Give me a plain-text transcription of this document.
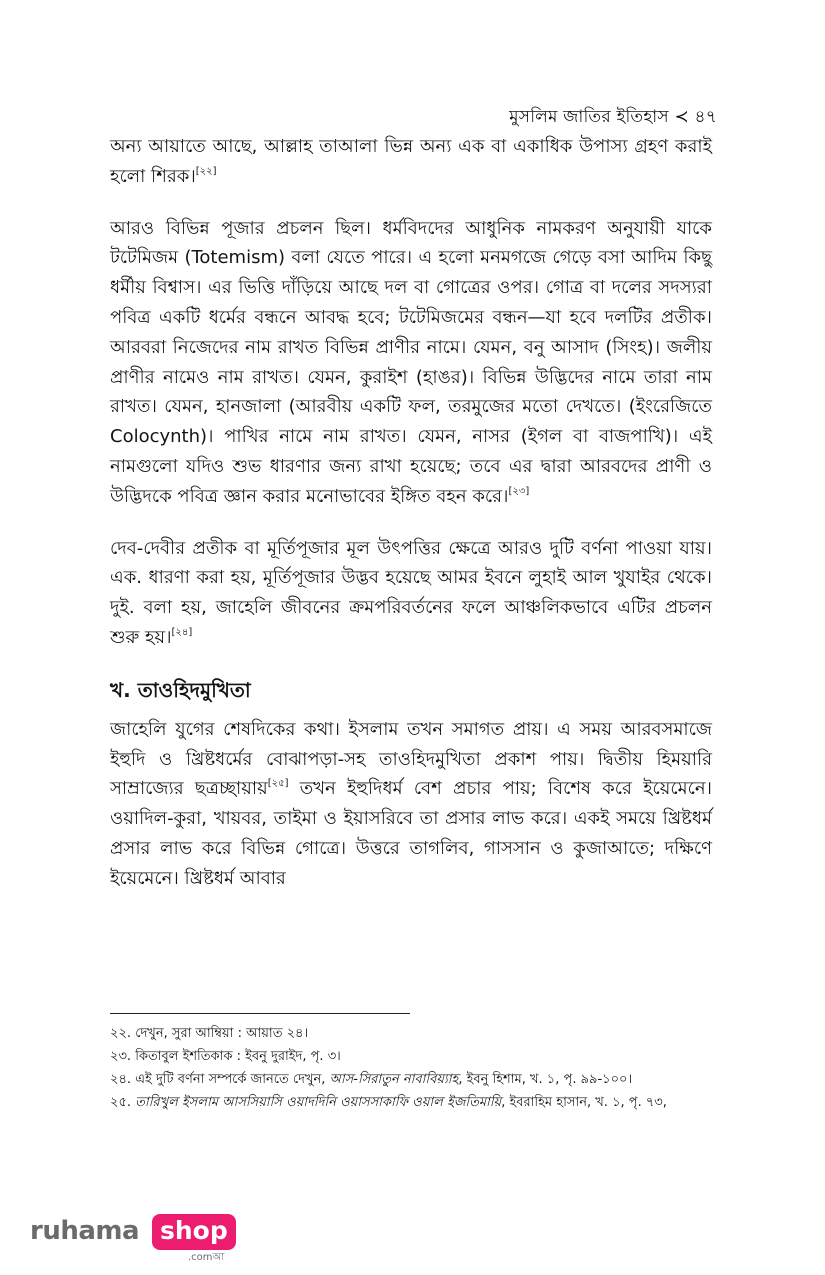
মুসলিম জাতির ইতিহাস ≺ ৪৭

অন্য আয়াতে আছে, আল্লাহ তাআলা ভিন্ন অন্য এক বা একাধিক উপাস্য গ্রহণ করাই হলো শিরক।[২২]

আরও বিভিন্ন পূজার প্রচলন ছিল। ধর্মবিদদের আধুনিক নামকরণ অনুযায়ী যাকে টটেমিজম (Totemism) বলা যেতে পারে। এ হলো মনমগজে গেড়ে বসা আদিম কিছু ধর্মীয় বিশ্বাস। এর ভিত্তি দাঁড়িয়ে আছে দল বা গোত্রের ওপর। গোত্র বা দলের সদস্যরা পবিত্র একটি ধর্মের বন্ধনে আবদ্ধ হবে; টটেমিজমের বন্ধন—যা হবে দলটির প্রতীক। আরবরা নিজেদের নাম রাখত বিভিন্ন প্রাণীর নামে। যেমন, বনু আসাদ (সিংহ)। জলীয় প্রাণীর নামেও নাম রাখত। যেমন, কুরাইশ (হাঙর)। বিভিন্ন উদ্ভিদের নামে তারা নাম রাখত। যেমন, হানজালা (আরবীয় একটি ফল, তরমুজের মতো দেখতে। (ইংরেজিতে Colocynth)। পাখির নামে নাম রাখত। যেমন, নাসর (ইগল বা বাজপাখি)। এই নামগুলো যদিও শুভ ধারণার জন্য রাখা হয়েছে; তবে এর দ্বারা আরবদের প্রাণী ও উদ্ভিদকে পবিত্র জ্ঞান করার মনোভাবের ইঙ্গিত বহন করে।[২৩]

দেব-দেবীর প্রতীক বা মূর্তিপূজার মূল উৎপত্তির ক্ষেত্রে আরও দুটি বর্ণনা পাওয়া যায়। এক. ধারণা করা হয়, মূর্তিপূজার উদ্ভব হয়েছে আমর ইবনে লুহাই আল খুযাইর থেকে। দুই. বলা হয়, জাহেলি জীবনের ক্রমপরিবর্তনের ফলে আঞ্চলিকভাবে এটির প্রচলন শুরু হয়।[২৪]

খ. তাওহিদমুখিতা

জাহেলি যুগের শেষদিকের কথা। ইসলাম তখন সমাগত প্রায়। এ সময় আরবসমাজে ইহুদি ও খ্রিষ্টধর্মের বোঝাপড়া-সহ তাওহিদমুখিতা প্রকাশ পায়। দ্বিতীয় হিময়ারি সাম্রাজ্যের ছত্রচ্ছায়ায়[২৫] তখন ইহুদিধর্ম বেশ প্রচার পায়; বিশেষ করে ইয়েমেনে। ওয়াদিল-কুরা, খায়বর, তাইমা ও ইয়াসরিবে তা প্রসার লাভ করে। একই সময়ে খ্রিষ্টধর্ম প্রসার লাভ করে বিভিন্ন গোত্রে। উত্তরে তাগলিব, গাসসান ও কুজাআতে; দক্ষিণে ইয়েমেনে। খ্রিষ্টধর্ম আবার

২২. দেখুন, সুরা আম্বিয়া : আয়াত ২৪।

২৩. কিতাবুল ইশতিকাক : ইবনু দুরাইদ, পৃ. ৩।

২৪. এই দুটি বর্ণনা সম্পর্কে জানতে দেখুন, আস-সিরাতুন নাবাবিয়্যাহ, ইবনু হিশাম, খ. ১, পৃ. ৯৯-১০০।

২৫. তারিখুল ইসলাম আসসিয়াসি ওয়াদদিনি ওয়াসসাকাফি ওয়াল ইজতিমায়ি, ইবরাহিম হাসান, খ. ১, পৃ. ৭৩,

ruhama shop
.comআ
